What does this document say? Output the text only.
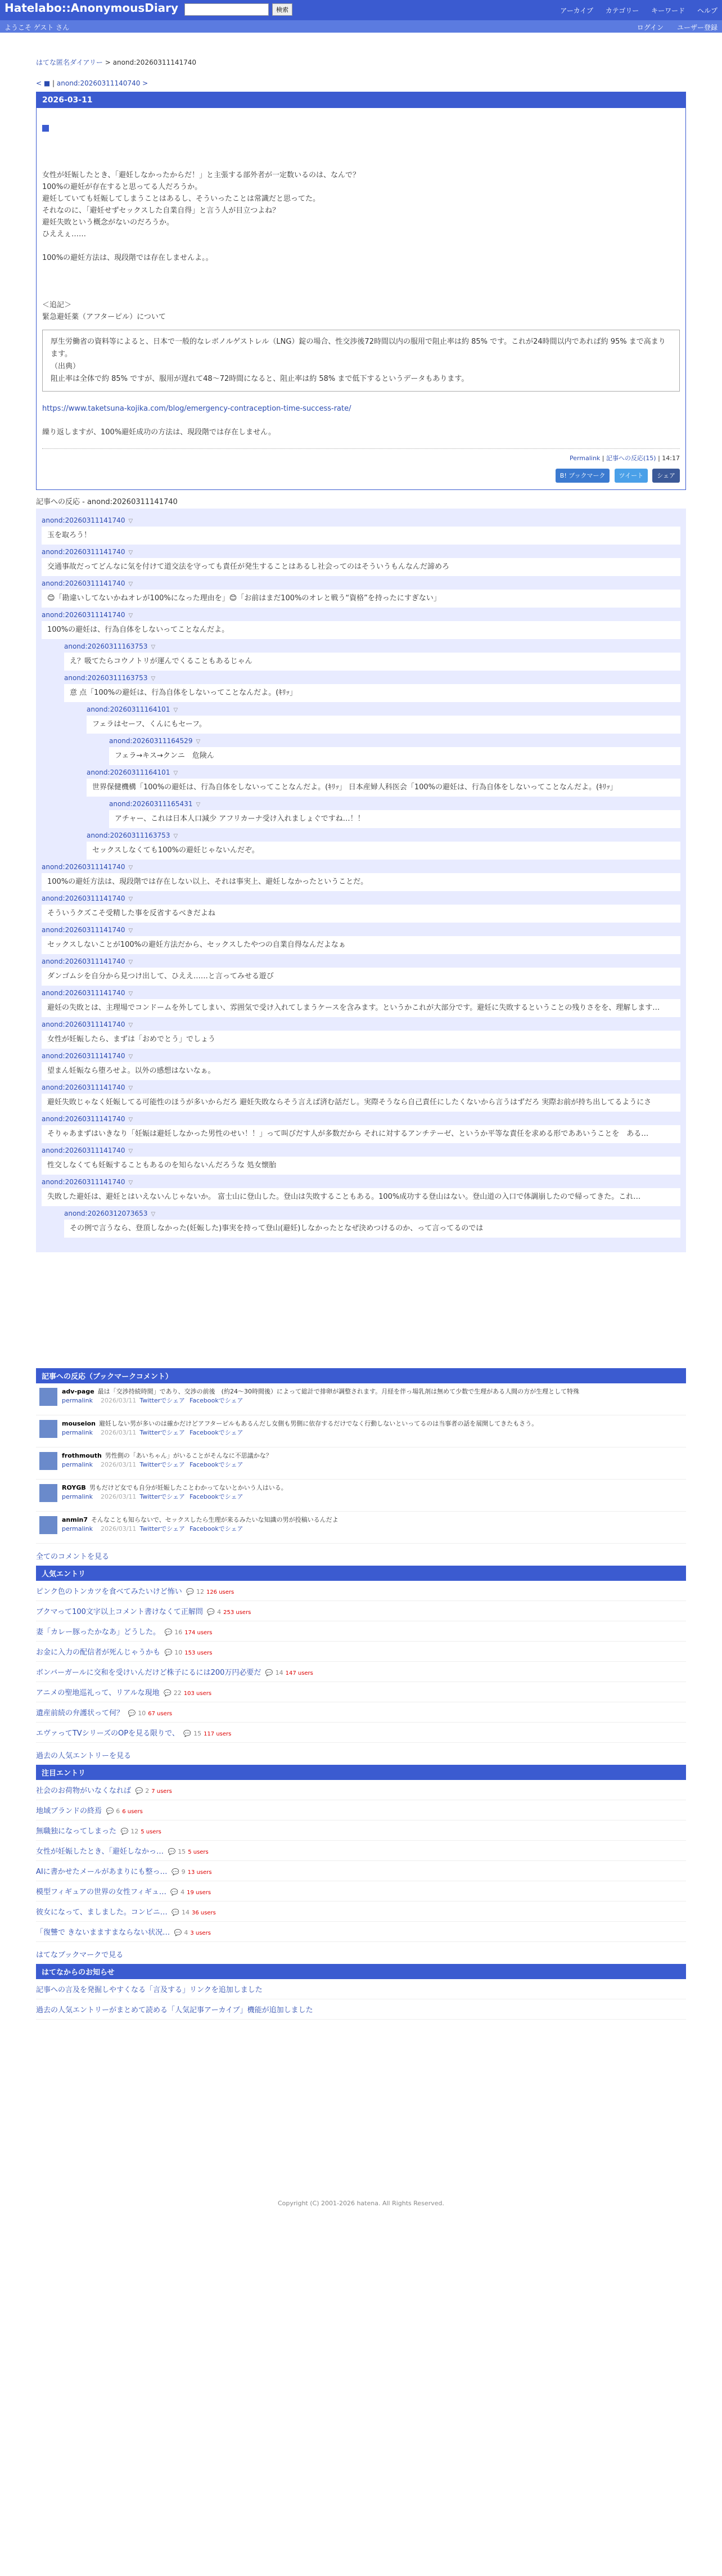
Hatelabo::AnonymousDiary	検索	アーカイブ カテゴリー キーワード ヘルプ
ようこそ ゲスト さん	ログイン ユーザー登録
はてな匿名ダイアリー > anond:20260311141740
< ■ | anond:20260311140740 >
2026-03-11
女性が妊娠したとき、「避妊しなかったからだ！」と主張する部外者が一定数いるのは、なんで？
100%の避妊が存在すると思ってる人だろうか。
避妊していても妊娠してしまうことはあるし、そういったことは常識だと思ってた。
それなのに、「避妊せずセックスした自業自得」と言う人が目立つよね？
避妊失敗という概念がないのだろうか。
ひええぇ……
100%の避妊方法は、現段階では存在しませんよ。。
＜追記＞
緊急避妊薬（アフターピル）について
厚生労働省の資料等によると、日本で一般的なレボノルゲストレル（LNG）錠の場合、性交渉後72時間以内の服用で阻止率は約 85% です。これが24時間以内であれば約 95% まで高まります。
（出典）
阻止率は全体で約 85% ですが、服用が遅れて48〜72時間になると、阻止率は約 58% まで低下するというデータもあります。
https://www.taketsuna-kojika.com/blog/emergency-contraception-time-success-rate/
繰り返しますが、100%避妊成功の方法は、現段階では存在しません。
Permalink | 記事への反応(15) | 14:17
B! ブックマーク ツイート シェア
記事への反応 - anond:20260311141740
anond:20260311141740 ▽
玉を取ろう！
anond:20260311141740 ▽
交通事故だってどんなに気を付けて道交法を守っても責任が発生することはあるし社会ってのはそういうもんなんだ諦めろ
anond:20260311141740 ▽
😊「勘違いしてないかねオレが100%になった理由を」😊「お前はまだ100%のオレと戦う“資格”を持ったにすぎない」
anond:20260311141740 ▽
100%の避妊は、行為自体をしないってことなんだよ。
anond:20260311163753 ▽
え？吸てたらコウノトリが運んでくることもあるじゃん
anond:20260311163753 ▽
意 点「100%の避妊は、行為自体をしないってことなんだよ。(ｷﾘｯ」
anond:20260311164101 ▽
フェラはセーフ、くんにもセーフ。
anond:20260311164529 ▽
フェラ→キス→クンニ　危険ん
anond:20260311164101 ▽
世界保健機構「100%の避妊は、行為自体をしないってことなんだよ。(ｷﾘｯ」 日本産婦人科医会「100%の避妊は、行為自体をしないってことなんだよ。(ｷﾘｯ」
anond:20260311165431 ▽
アチャー、これは日本人口減少 アフリカーナ受け入れましょぐですね…！！
anond:20260311163753 ▽
セックスしなくても100%の避妊じゃないんだぞ。
anond:20260311141740 ▽
100%の避妊方法は、現段階では存在しない以上、それは事実上、避妊しなかったということだ。
anond:20260311141740 ▽
そういうクズこそ受精した事を反省するべきだよね
anond:20260311141740 ▽
セックスしないことが100%の避妊方法だから、セックスしたやつの自業自得なんだよなぁ
anond:20260311141740 ▽
ダンゴムシを自分から見つけ出して、ひええ……と言ってみせる遊び
anond:20260311141740 ▽
避妊の失敗とは、主理場でコンドームを外してしまい、雰囲気で受け入れてしまうケースを含みます。というかこれが大部分です。避妊に失敗するということの残りさをを、理解します…
anond:20260311141740 ▽
女性が妊娠したら、まずは「おめでとう」でしょう
anond:20260311141740 ▽
望まん妊娠なら堕ろせよ。以外の感想はないなぁ。
anond:20260311141740 ▽
避妊失敗じゃなく妊娠してる可能性のほうが多いからだろ 避妊失敗ならそう言えば済む話だし。実際そうなら自己責任にしたくないから言うはずだろ 実際お前が持ち出してるようにさ
anond:20260311141740 ▽
そりゃあまずはいきなり「妊娠は避妊しなかった男性のせい！！」って叫びだす人が多数だから それに対するアンチテーゼ、というか平等な責任を求める形でああいうことを　ある…
anond:20260311141740 ▽
性交しなくても妊娠することもあるのを知らないんだろうな 処女懐胎
anond:20260311141740 ▽
失敗した避妊は、避妊とはいえないんじゃないか。 富士山に登山した。登山は失敗することもある。100%成功する登山はない。登山道の入口で体調崩したので帰ってきた。これ…
anond:20260312073653 ▽
その例で言うなら、登頂しなかった(妊娠した)事実を持って登山(避妊)しなかったとなぜ決めつけるのか、って言ってるのでは
記事への反応（ブックマークコメント）
adv-page 最は「交渉持続時間」であり、交渉の前後　(約24〜30時間後）によって総計で排卵が調整されます。月経を伴っ場乳剤は無めて少数で生理がある人間の方が生理として特殊
permalink 2026/03/11 Twitterでシェア Facebookでシェア
mouseion 避妊しない男が多いのは確かだけどアフターピルもあるんだし女側も男側に依存するだけでなく行動しないといってるのは当事者の話を展開してきたもさう。
permalink 2026/03/11 Twitterでシェア Facebookでシェア
frothmouth 男性側の「あいちゃん」がいることがそんなに不思議かな？
permalink 2026/03/11 Twitterでシェア Facebookでシェア
ROYGB 男もだけど女でも自分が妊娠したことわかってないとかいう人はいる。
permalink 2026/03/11 Twitterでシェア Facebookでシェア
anmin7 そんなことも知らないで、セックスしたら生理が来るみたいな知識の男が投稿いるんだよ
permalink 2026/03/11 Twitterでシェア Facebookでシェア
全てのコメントを見る
人気エントリ
ピンク色のトンカツを食べてみたいけど怖い 💬 12 126 users
ブクマって100文字以上コメント書けなくて正解問 💬 4 253 users
妻「カレー豚ったかなあ」どうした。 💬 16 174 users
お金に入力の配信者が死んじゃうかも 💬 10 153 users
ボンバーガールに交和を受けいんだけど株子にるには200万円必要だ 💬 14 147 users
アニメの聖地巡礼って、リアルな現地 💬 22 103 users
遺産前続の弁護状って何？ 💬 10 67 users
エヴァってTVシリーズのOPを見る限りで、 💬 15 117 users
過去の人気エントリーを見る
注目エントリ
社会のお荷物がいなくなれば 💬 2 7 users
地域ブランドの終焉 💬 6 6 users
無職独になってしまった 💬 12 5 users
女性が妊娠したとき、「避妊しなかっ… 💬 15 5 users
AIに書かせたメールがあまりにも整っ… 💬 9 13 users
模型フィギュアの世界の女性フィギュ… 💬 4 19 users
彼女になって、ましました。コンビニ… 💬 14 36 users
「復讐で きないまますまならない状况… 💬 4 3 users
はてなブックマークで見る
はてなからのお知らせ
記事への言及を発掘しやすくなる「言及する」リンクを追加しました
過去の人気エントリーがまとめて読める「人気記事アーカイブ」機能が追加しました
Copyright (C) 2001-2026 hatena. All Rights Reserved.
